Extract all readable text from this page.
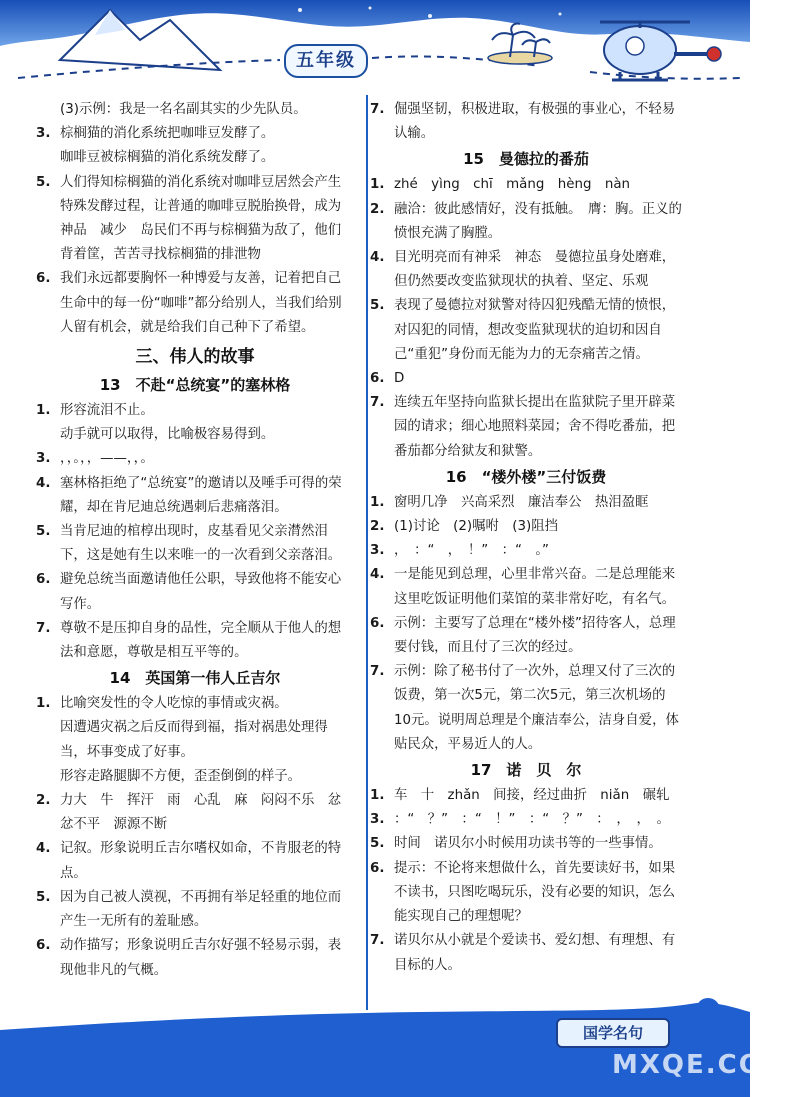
五年级

(3)示例：我是一名名副其实的少先队员。

3. 棕榈猫的消化系统把咖啡豆发酵了。

咖啡豆被棕榈猫的消化系统发酵了。

5. 人们得知棕榈猫的消化系统对咖啡豆居然会产生特殊发酵过程，让普通的咖啡豆脱胎换骨，成为神品　减少　岛民们不再与棕榈猫为敌了，他们背着筐，苦苦寻找棕榈猫的排泄物

6. 我们永远都要胸怀一种博爱与友善，记着把自己生命中的每一份“咖啡”都分给别人，当我们给别人留有机会，就是给我们自己种下了希望。

三、伟人的故事

13　不赴“总统宴”的塞林格

1. 形容流泪不止。

动手就可以取得，比喻极容易得到。

3. ，，。，，——，，。

4. 塞林格拒绝了“总统宴”的邀请以及唾手可得的荣耀，却在肯尼迪总统遇刺后悲痛落泪。

5. 当肯尼迪的棺椁出现时，皮基看见父亲潸然泪下，这是她有生以来唯一的一次看到父亲落泪。

6. 避免总统当面邀请他任公职，导致他将不能安心写作。

7. 尊敬不是压抑自身的品性，完全顺从于他人的想法和意愿，尊敬是相互平等的。

14　英国第一伟人丘吉尔

1. 比喻突发性的令人吃惊的事情或灾祸。

因遭遇灾祸之后反而得到福，指对祸患处理得当，坏事变成了好事。

形容走路腿脚不方便，歪歪倒倒的样子。

2. 力大　牛　挥汗　雨　心乱　麻　闷闷不乐　忿忿不平　源源不断

4. 记叙。形象说明丘吉尔嗜权如命，不肯服老的特点。

5. 因为自己被人漠视，不再拥有举足轻重的地位而产生一无所有的羞耻感。

6. 动作描写；形象说明丘吉尔好强不轻易示弱，表现他非凡的气概。

7. 倔强坚韧，积极进取，有极强的事业心，不轻易认输。

15　曼德拉的番茄

1. zhé　yìng　chī　mǎng　hèng　nàn

2. 融洽：彼此感情好，没有抵触。　膺：胸。正义的愤恨充满了胸膛。

4. 目光明亮而有神采　神态　曼德拉虽身处磨难，但仍然要改变监狱现状的执着、坚定、乐观

5. 表现了曼德拉对狱警对待囚犯残酷无情的愤恨，对囚犯的同情，想改变监狱现状的迫切和因自己“重犯”身份而无能为力的无奈痛苦之情。

6. D

7. 连续五年坚持向监狱长提出在监狱院子里开辟菜园的请求；细心地照料菜园；舍不得吃番茄，把番茄都分给狱友和狱警。

16　“楼外楼”三付饭费

1. 窗明几净　兴高采烈　廉洁奉公　热泪盈眶

2. (1)讨论　(2)嘱咐　(3)阻挡

3. ，　：“　，　！”　：“　。”

4. 一是能见到总理，心里非常兴奋。二是总理能来这里吃饭证明他们菜馆的菜非常好吃，有名气。

6. 示例：主要写了总理在“楼外楼”招待客人，总理要付钱，而且付了三次的经过。

7. 示例：除了秘书付了一次外，总理又付了三次的饭费，第一次5元，第二次5元，第三次机场的10元。说明周总理是个廉洁奉公，洁身自爱，体贴民众，平易近人的人。

17　诺　贝　尔

1. 车　十　zhǎn　间接，经过曲折　niǎn　碾轧

3. ：“　？”　：“　！”　：“　？”　：　，　，　。

5. 时间　诺贝尔小时候用功读书等的一些事情。

6. 提示：不论将来想做什么，首先要读好书，如果不读书，只图吃喝玩乐，没有必要的知识，怎么能实现自己的理想呢？

7. 诺贝尔从小就是个爱读书、爱幻想、有理想、有目标的人。

国学名句
MXQE.COM
